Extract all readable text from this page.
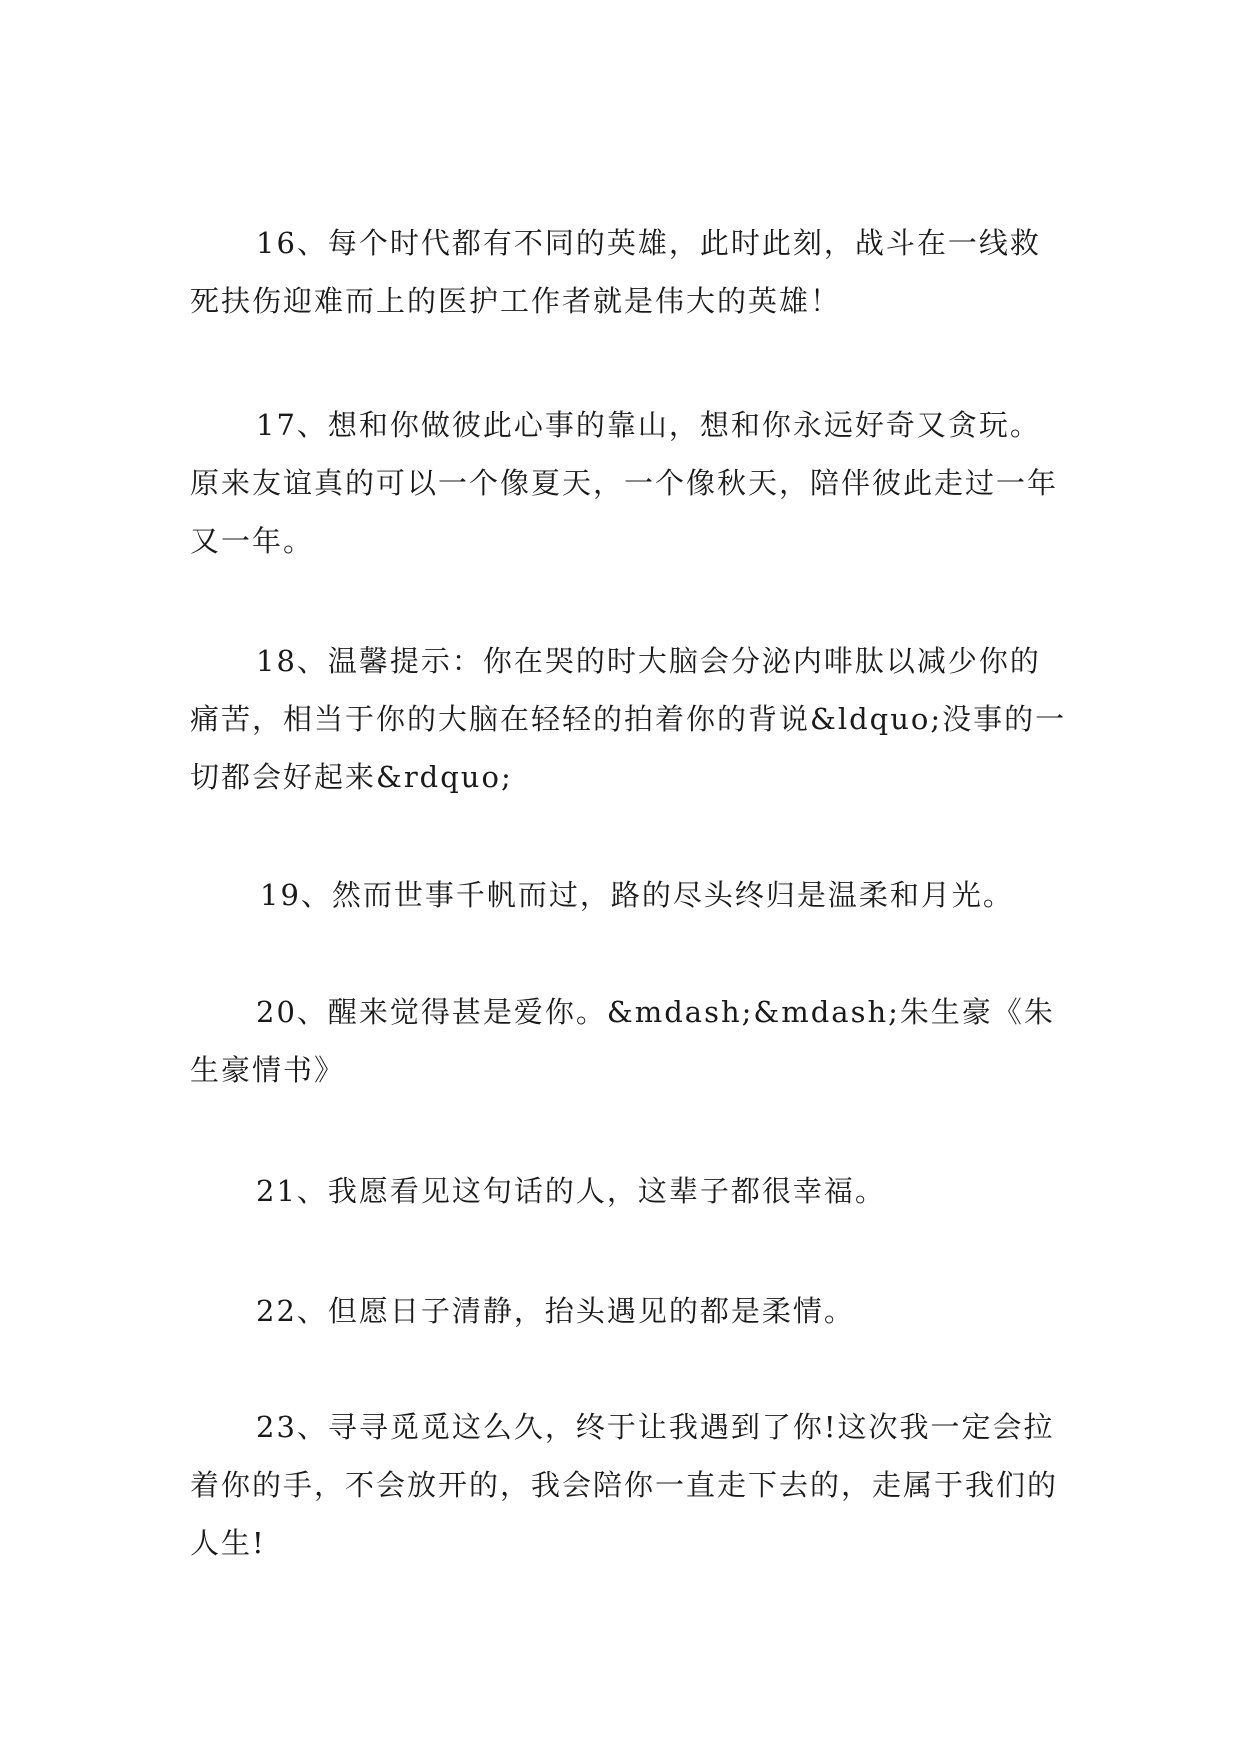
16、每个时代都有不同的英雄，此时此刻，战斗在一线救死扶伤迎难而上的医护工作者就是伟大的英雄！

17、想和你做彼此心事的靠山，想和你永远好奇又贪玩。原来友谊真的可以一个像夏天，一个像秋天，陪伴彼此走过一年又一年。

18、温馨提示：你在哭的时大脑会分泌内啡肽以减少你的痛苦，相当于你的大脑在轻轻的拍着你的背说&ldquo;没事的一切都会好起来&rdquo;

19、然而世事千帆而过，路的尽头终归是温柔和月光。

20、醒来觉得甚是爱你。&mdash;&mdash;朱生豪《朱生豪情书》

21、我愿看见这句话的人，这辈子都很幸福。

22、但愿日子清静，抬头遇见的都是柔情。

23、寻寻觅觅这么久，终于让我遇到了你!这次我一定会拉着你的手，不会放开的，我会陪你一直走下去的，走属于我们的人生!
